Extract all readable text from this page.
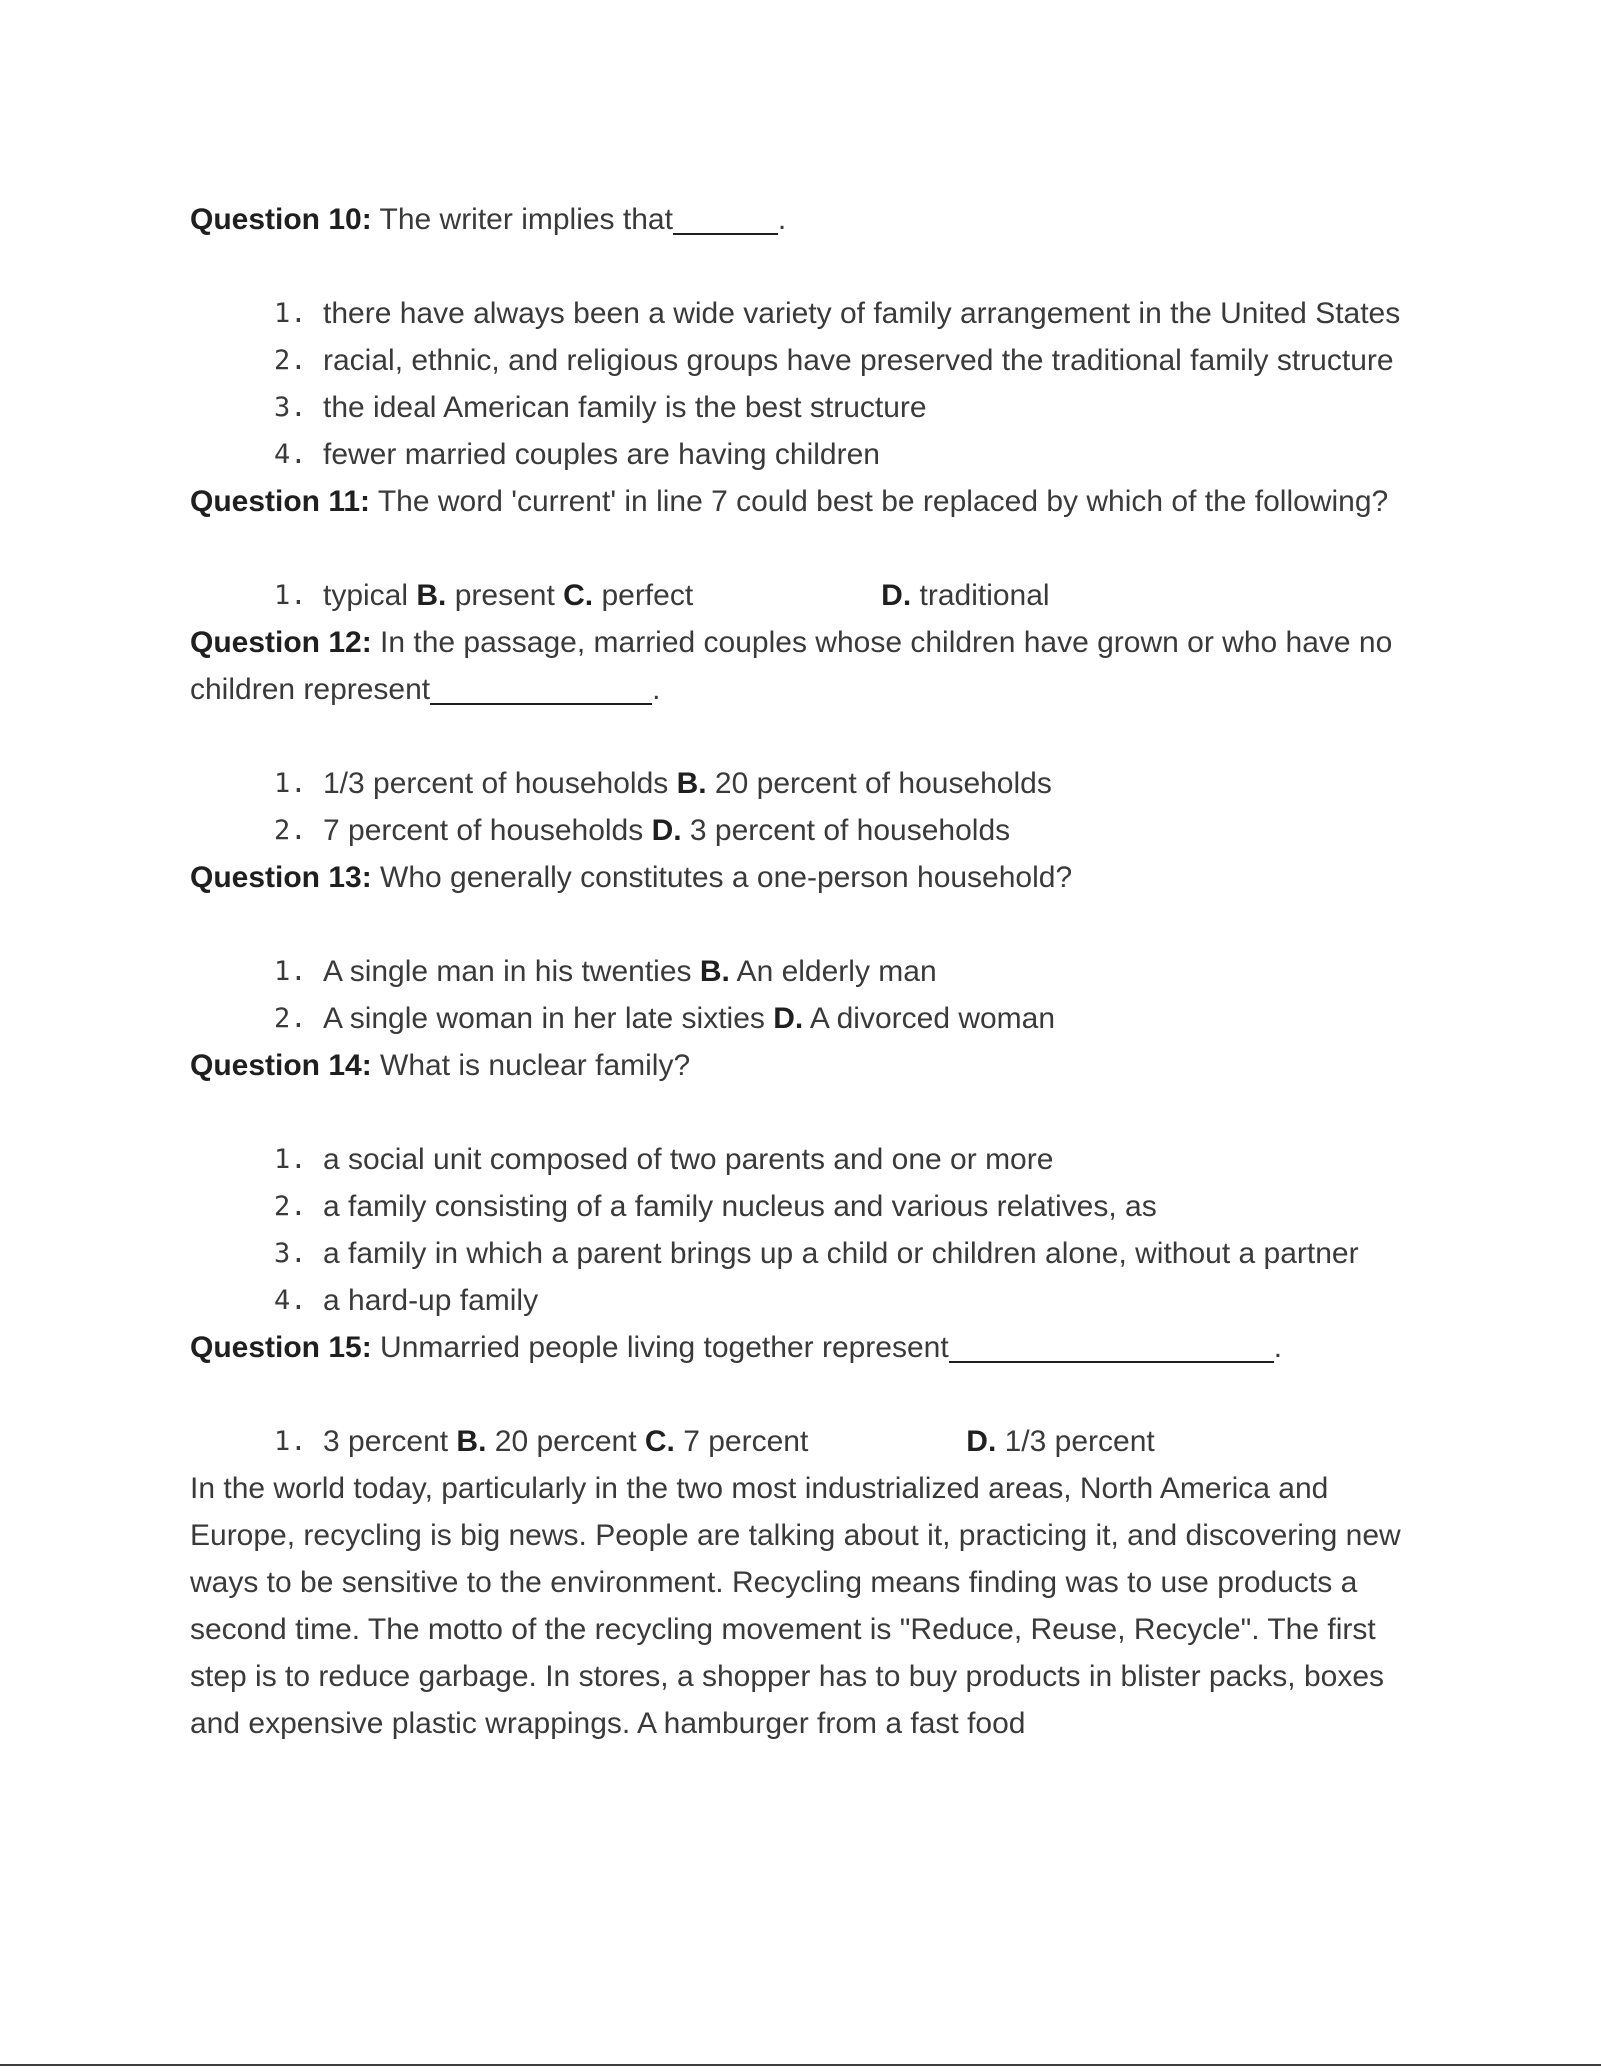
Question 10: The writer implies that	.

1. there have always been a wide variety of family arrangement in the United States
2. racial, ethnic, and religious groups have preserved the traditional family structure
3. the ideal American family is the best structure
4. fewer married couples are having children

Question 11: The word 'current' in line 7 could best be replaced by which of the following?

1. typical B. present C. perfect	D. traditional

Question 12: In the passage, married couples whose children have grown or who have no children represent	.

1. 1/3 percent of households B. 20 percent of households
2. 7 percent of households D. 3 percent of households

Question 13: Who generally constitutes a one-person household?

1. A single man in his twenties B. An elderly man
2. A single woman in her late sixties D. A divorced woman

Question 14: What is nuclear family?

1. a social unit composed of two parents and one or more
2. a family consisting of a family nucleus and various relatives, as
3. a family in which a parent brings up a child or children alone, without a partner
4. a hard-up family

Question 15: Unmarried people living together represent	.

1. 3 percent B. 20 percent C. 7 percent	D. 1/3 percent

In the world today, particularly in the two most industrialized areas, North America and Europe, recycling is big news. People are talking about it, practicing it, and discovering new ways to be sensitive to the environment. Recycling means finding was to use products a second time. The motto of the recycling movement is "Reduce, Reuse, Recycle". The first step is to reduce garbage. In stores, a shopper has to buy products in blister packs, boxes and expensive plastic wrappings. A hamburger from a fast food
